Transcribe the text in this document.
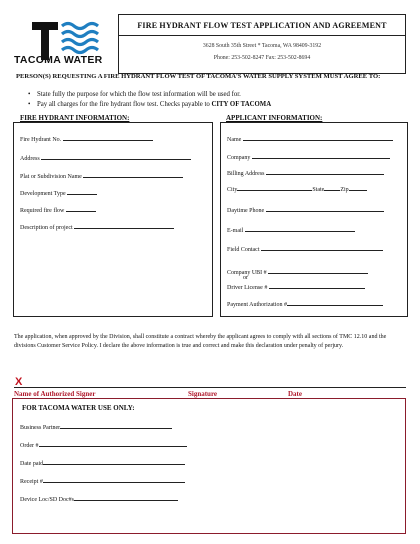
TACOMA WATER
FIRE HYDRANT FLOW TEST APPLICATION AND AGREEMENT
3628 South 35th Street * Tacoma, WA 98409-3192
Phone: 253-502-8247 Fax: 253-502-8694
PERSON(S) REQUESTING A FIRE HYDRANT FLOW TEST OF TACOMA'S WATER SUPPLY SYSTEM MUST AGREE TO:
• State fully the purpose for which the flow test information will be used for.
• Pay all charges for the fire hydrant flow test. Checks payable to CITY OF TACOMA
FIRE HYDRANT INFORMATION:	APPLICANT INFORMATION:
Fire Hydrant No.
Address
Plat or Subdivision Name
Development Type
Required fire flow
Description of project
Name
Company
Billing Address
City	State	Zip
Daytime Phone
E-mail
Field Contact
Company UBI #
or
Driver License #
Payment Authorization #
The application, when approved by the Division, shall constitute a contract whereby the applicant agrees to comply with all sections of TMC 12.10 and the divisions Customer Service Policy. I declare the above information is true and correct and make this declaration under penalty of perjury.
X
Name of Authorized Signer	Signature	Date
FOR TACOMA WATER USE ONLY:
Business Partner
Order #
Date paid
Receipt #
Device Loc/SD Doc#s
